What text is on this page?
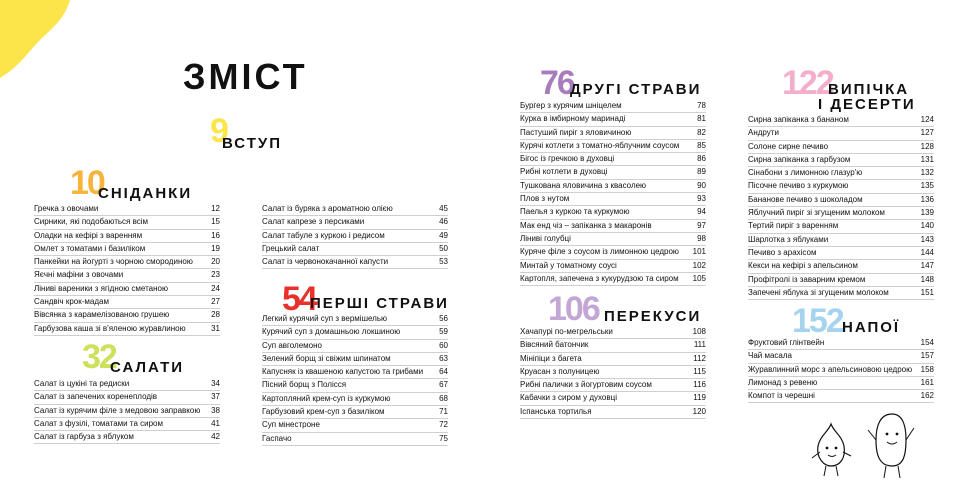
ЗМІСТ
9
ВСТУП
10
СНІДАНКИ
Гречка з овочами	12
Сирники, які подобаються всім	15
Оладки на кефірі з варенням	16
Омлет з томатами і базиліком	19
Панкейки на йогурті з чорною смородиною	20
Яєчні мафіни з овочами	23
Ліниві вареники з ягідною сметаною	24
Сандвіч крок-мадам	27
Вівсянка з карамелізованою грушею	28
Гарбузова каша зі в'яленою журавлиною	31
32
САЛАТИ
Салат із цукіні та редиски	34
Салат із запечених коренеплодів	37
Салат із курячим філе з медовою заправкою	38
Салат з фузілі, томатами та сиром	41
Салат із гарбуза з яблуком	42
Салат із буряка з ароматною олією	45
Салат капрезе з персиками	46
Салат табуле з куркою і редисом	49
Грецький салат	50
Салат із червонокачанної капусти	53
54
ПЕРШІ СТРАВИ
Легкий курячий суп з вермішелью	56
Курячий суп з домашньою локшиною	59
Суп авголемоно	60
Зелений борщ зі свіжим шпинатом	63
Капусняк із квашеною капустою та грибами	64
Пісний борщ з Полісся	67
Картопляний крем-суп із куркумою	68
Гарбузовий крем-суп з базиліком	71
Суп мінестроне	72
Гаспачо	75
76
ДРУГІ СТРАВИ
Бургер з курячим шніцелем	78
Курка в імбирному маринаді	81
Пастуший пиріг з яловичиною	82
Курячі котлети з томатно-яблучним соусом	85
Бігос із гречкою в духовці	86
Рибні котлети в духовці	89
Тушкована яловичина з квасолею	90
Плов з нутом	93
Паелья з куркою та куркумою	94
Мак енд чіз – запіканка з макаронів	97
Ліниві голубці	98
Куряче філе з соусом із лимонною цедрою	101
Минтай у томатному соусі	102
Картопля, запечена з кукурудзою та сиром	105
106 ПЕРЕКУСИ
Хачапурі по-мегрельськи	108
Вівсяний батончик	111
Мініпіци з багета	112
Круасан з полуницею	115
Рибні палички з йогуртовим соусом	116
Кабачки з сиром у духовці	119
Іспанська тортилья	120
122
ВИПІЧКА
І ДЕСЕРТИ
Сирна запіканка з бананом	124
Андрути	127
Солоне сирне печиво	128
Сирна запіканка з гарбузом	131
Сінабони з лимонною глазур'ю	132
Пісочне печиво з куркумою	135
Бананове печиво з шоколадом	136
Яблучний пиріг зі згущеним молоком	139
Тертий пиріг з варенням	140
Шарлотка з яблуками	143
Печиво з арахісом	144
Кекси на кефірі з апельсином	147
Профітролі із заварним кремом	148
Запечені яблука зі згущеним молоком	151
152 НАПОЇ
Фруктовий глінтвейн	154
Чай масала	157
Журавлинний морс з апельсиновою цедрою	158
Лимонад з ревеню	161
Компот із черешні	162
